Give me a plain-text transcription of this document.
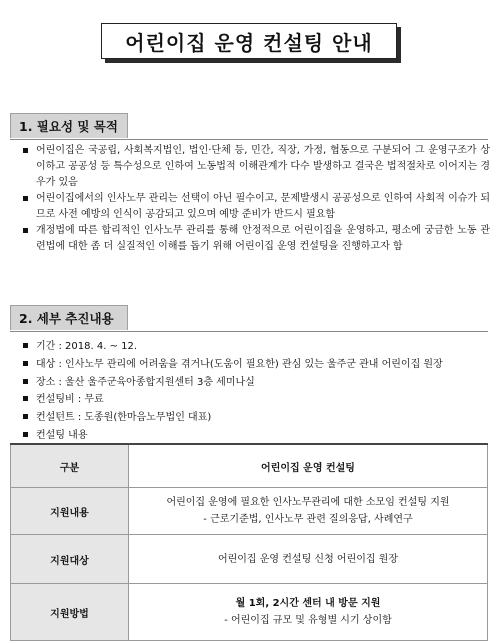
어린이집 운영 컨설팅 안내
1. 필요성 및 목적
어린이집은 국공립, 사회복지법인, 법인·단체 등, 민간, 직장, 가정, 협동으로 구분되어 그 운영구조가 상이하고 공공성 등 특수성으로 인하여 노동법적 이해관계가 다수 발생하고 결국은 법적절차로 이어지는 경우가 있음
어린이집에서의 인사노무 관리는 선택이 아닌 필수이고, 문제발생시 공공성으로 인하여 사회적 이슈가 되므로 사전 예방의 인식이 공감되고 있으며 예방 준비가 반드시 필요함
개정법에 따른 합리적인 인사노무 관리를 통해 안정적으로 어린이집을 운영하고, 평소에 궁금한 노동 관련법에 대한 좀 더 실질적인 이해를 돕기 위해 어린이집 운영 컨설팅을 진행하고자 함
2. 세부 추진내용
기간 : 2018. 4. ~ 12.
대상 : 인사노무 관리에 어려움을 겪거나(도움이 필요한) 관심 있는 울주군 관내 어린이집 원장
장소 : 울산 울주군육아종합지원센터 3층 세미나실
컨설팅비 : 무료
컨설턴트 : 도종원(한마음노무법인 대표)
컨설팅 내용
구분	어린이집 운영 컨설팅
지원내용	어린이집 운영에 필요한 인사노무관리에 대한 소모임 컨설팅 지원
- 근로기준법, 인사노무 관련 질의응답, 사례연구

지원대상	어린이집 운영 컨설팅 신청 어린이집 원장

지원방법	월 1회, 2시간 센터 내 방문 지원
- 어린이집 규모 및 유형별 시기 상이함
